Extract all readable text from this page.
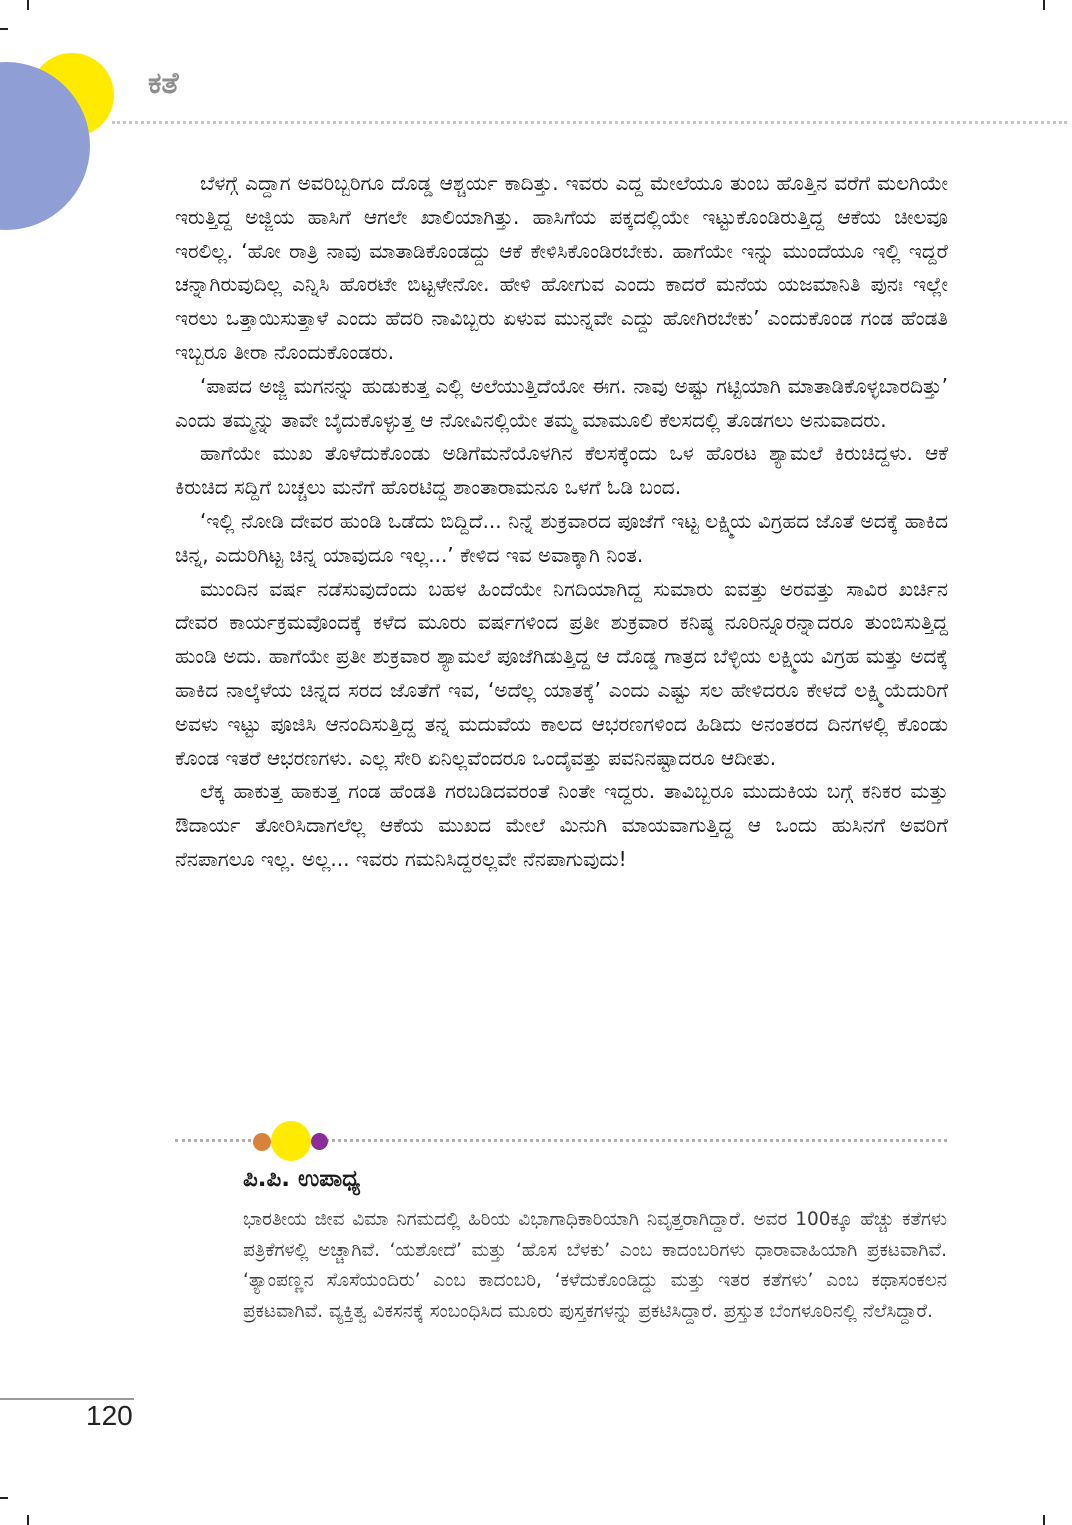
ಕತೆ

ಬೆಳಗ್ಗೆ ಎದ್ದಾಗ ಅವರಿಬ್ಬರಿಗೂ ದೊಡ್ಡ ಆಶ್ಚರ್ಯ ಕಾದಿತ್ತು. ಇವರು ಎದ್ದ ಮೇಲೆಯೂ ತುಂಬ ಹೊತ್ತಿನ ವರೆಗೆ ಮಲಗಿಯೇ ಇರುತ್ತಿದ್ದ ಅಜ್ಜಿಯ ಹಾಸಿಗೆ ಆಗಲೇ ಖಾಲಿಯಾಗಿತ್ತು. ಹಾಸಿಗೆಯ ಪಕ್ಕದಲ್ಲಿಯೇ ಇಟ್ಟುಕೊಂಡಿರುತ್ತಿದ್ದ ಆಕೆಯ ಚೀಲವೂ ಇರಲಿಲ್ಲ. ‘ಹೋ ರಾತ್ರಿ ನಾವು ಮಾತಾಡಿಕೊಂಡದ್ದು ಆಕೆ ಕೇಳಿಸಿಕೊಂಡಿರಬೇಕು. ಹಾಗೆಯೇ ಇನ್ನು ಮುಂದೆಯೂ ಇಲ್ಲಿ ಇದ್ದರೆ ಚನ್ನಾಗಿರುವುದಿಲ್ಲ ಎನ್ನಿಸಿ ಹೊರಟೇ ಬಿಟ್ಟಳೇನೋ. ಹೇಳಿ ಹೋಗುವ ಎಂದು ಕಾದರೆ ಮನೆಯ ಯಜಮಾನಿತಿ ಪುನಃ ಇಲ್ಲೇ ಇರಲು ಒತ್ತಾಯಿಸುತ್ತಾಳೆ ಎಂದು ಹೆದರಿ ನಾವಿಬ್ಬರು ಏಳುವ ಮುನ್ನವೇ ಎದ್ದು ಹೋಗಿರಬೇಕು’ ಎಂದುಕೊಂಡ ಗಂಡ ಹೆಂಡತಿ ಇಬ್ಬರೂ ತೀರಾ ನೊಂದುಕೊಂಡರು.

‘ಪಾಪದ ಅಜ್ಜಿ ಮಗನನ್ನು ಹುಡುಕುತ್ತ ಎಲ್ಲಿ ಅಲೆಯುತ್ತಿದೆಯೋ ಈಗ. ನಾವು ಅಷ್ಟು ಗಟ್ಟಿಯಾಗಿ ಮಾತಾಡಿಕೊಳ್ಳಬಾರದಿತ್ತು’ ಎಂದು ತಮ್ಮನ್ನು ತಾವೇ ಬೈದುಕೊಳ್ಳುತ್ತ ಆ ನೋವಿನಲ್ಲಿಯೇ ತಮ್ಮ ಮಾಮೂಲಿ ಕೆಲಸದಲ್ಲಿ ತೊಡಗಲು ಅನುವಾದರು.

ಹಾಗೆಯೇ ಮುಖ ತೊಳೆದುಕೊಂಡು ಅಡಿಗೆಮನೆಯೊಳಗಿನ ಕೆಲಸಕ್ಕೆಂದು ಒಳ ಹೊರಟ ಶ್ಯಾಮಲೆ ಕಿರುಚಿದ್ದಳು. ಆಕೆ ಕಿರುಚಿದ ಸದ್ದಿಗೆ ಬಚ್ಚಲು ಮನೆಗೆ ಹೊರಟಿದ್ದ ಶಾಂತಾರಾಮನೂ ಒಳಗೆ ಓಡಿ ಬಂದ.

‘ಇಲ್ಲಿ ನೋಡಿ ದೇವರ ಹುಂಡಿ ಒಡೆದು ಬಿದ್ದಿದೆ... ನಿನ್ನೆ ಶುಕ್ರವಾರದ ಪೂಜೆಗೆ ಇಟ್ಟ ಲಕ್ಷ್ಮಿಯ ವಿಗ್ರಹದ ಜೊತೆ ಅದಕ್ಕೆ ಹಾಕಿದ ಚಿನ್ನ, ಎದುರಿಗಿಟ್ಟ ಚಿನ್ನ ಯಾವುದೂ ಇಲ್ಲ...’ ಕೇಳಿದ ಇವ ಅವಾಕ್ಕಾಗಿ ನಿಂತ.

ಮುಂದಿನ ವರ್ಷ ನಡೆಸುವುದೆಂದು ಬಹಳ ಹಿಂದೆಯೇ ನಿಗದಿಯಾಗಿದ್ದ ಸುಮಾರು ಐವತ್ತು ಅರವತ್ತು ಸಾವಿರ ಖರ್ಚಿನ ದೇವರ ಕಾರ್ಯಕ್ರಮವೊಂದಕ್ಕೆ ಕಳೆದ ಮೂರು ವರ್ಷಗಳಿಂದ ಪ್ರತೀ ಶುಕ್ರವಾರ ಕನಿಷ್ಠ ನೂರಿನ್ನೂರನ್ನಾದರೂ ತುಂಬಿಸುತ್ತಿದ್ದ ಹುಂಡಿ ಅದು. ಹಾಗೆಯೇ ಪ್ರತೀ ಶುಕ್ರವಾರ ಶ್ಯಾಮಲೆ ಪೂಜೆಗಿಡುತ್ತಿದ್ದ ಆ ದೊಡ್ಡ ಗಾತ್ರದ ಬೆಳ್ಳಿಯ ಲಕ್ಷ್ಮಿಯ ವಿಗ್ರಹ ಮತ್ತು ಅದಕ್ಕೆ ಹಾಕಿದ ನಾಲ್ಕೆಳೆಯ ಚಿನ್ನದ ಸರದ ಜೊತೆಗೆ ಇವ, ‘ಅದೆಲ್ಲ ಯಾತಕ್ಕೆ’ ಎಂದು ಎಷ್ಟು ಸಲ ಹೇಳಿದರೂ ಕೇಳದೆ ಲಕ್ಷ್ಮಿಯೆದುರಿಗೆ ಅವಳು ಇಟ್ಟು ಪೂಜಿಸಿ ಆನಂದಿಸುತ್ತಿದ್ದ ತನ್ನ ಮದುವೆಯ ಕಾಲದ ಆಭರಣಗಳಿಂದ ಹಿಡಿದು ಅನಂತರದ ದಿನಗಳಲ್ಲಿ ಕೊಂಡು ಕೊಂಡ ಇತರೆ ಆಭರಣಗಳು. ಎಲ್ಲ ಸೇರಿ ಏನಿಲ್ಲವೆಂದರೂ ಒಂದೈವತ್ತು ಪವನಿನಷ್ಟಾದರೂ ಆದೀತು.

ಲೆಕ್ಕ ಹಾಕುತ್ತ ಹಾಕುತ್ತ ಗಂಡ ಹೆಂಡತಿ ಗರಬಡಿದವರಂತೆ ನಿಂತೇ ಇದ್ದರು. ತಾವಿಬ್ಬರೂ ಮುದುಕಿಯ ಬಗ್ಗೆ ಕನಿಕರ ಮತ್ತು ಔದಾರ್ಯ ತೋರಿಸಿದಾಗಲೆಲ್ಲ ಆಕೆಯ ಮುಖದ ಮೇಲೆ ಮಿನುಗಿ ಮಾಯವಾಗುತ್ತಿದ್ದ ಆ ಒಂದು ಹುಸಿನಗೆ ಅವರಿಗೆ ನೆನಪಾಗಲೂ ಇಲ್ಲ. ಅಲ್ಲ... ಇವರು ಗಮನಿಸಿದ್ದರಲ್ಲವೇ ನೆನಪಾಗುವುದು!

ಪಿ.ಪಿ. ಉಪಾಧ್ಯ
ಭಾರತೀಯ ಜೀವ ವಿಮಾ ನಿಗಮದಲ್ಲಿ ಹಿರಿಯ ವಿಭಾಗಾಧಿಕಾರಿಯಾಗಿ ನಿವೃತ್ತರಾಗಿದ್ದಾರೆ. ಅವರ 100ಕ್ಕೂ ಹೆಚ್ಚು ಕತೆಗಳು ಪತ್ರಿಕೆಗಳಲ್ಲಿ ಅಚ್ಚಾಗಿವೆ. ‘ಯಶೋದೆ’ ಮತ್ತು ‘ಹೊಸ ಬೆಳಕು’ ಎಂಬ ಕಾದಂಬರಿಗಳು ಧಾರಾವಾಹಿಯಾಗಿ ಪ್ರಕಟವಾಗಿವೆ. ‘ತ್ಯಾಂಪಣ್ಣನ ಸೊಸೆಯಂದಿರು’ ಎಂಬ ಕಾದಂಬರಿ, ‘ಕಳೆದುಕೊಂಡಿದ್ದು ಮತ್ತು ಇತರ ಕತೆಗಳು’ ಎಂಬ ಕಥಾಸಂಕಲನ ಪ್ರಕಟವಾಗಿವೆ. ವ್ಯಕ್ತಿತ್ವ ವಿಕಸನಕ್ಕೆ ಸಂಬಂಧಿಸಿದ ಮೂರು ಪುಸ್ತಕಗಳನ್ನು ಪ್ರಕಟಿಸಿದ್ದಾರೆ. ಪ್ರಸ್ತುತ ಬೆಂಗಳೂರಿನಲ್ಲಿ ನೆಲೆಸಿದ್ದಾರೆ.
120
